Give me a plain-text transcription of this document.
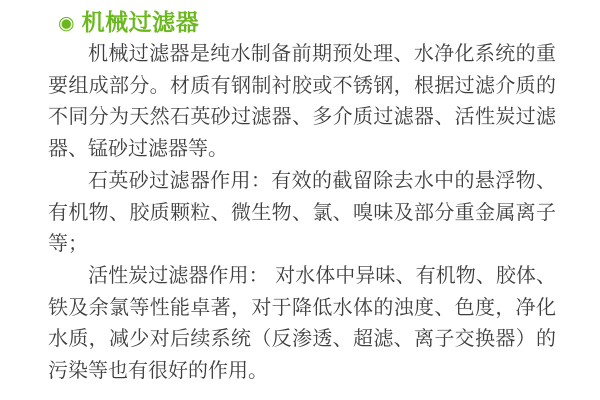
◉ 机械过滤器

机械过滤器是纯水制备前期预处理、水净化系统的重要组成部分。材质有钢制衬胶或不锈钢，根据过滤介质的不同分为天然石英砂过滤器、多介质过滤器、活性炭过滤器、锰砂过滤器等。

石英砂过滤器作用：有效的截留除去水中的悬浮物、有机物、胶质颗粒、微生物、氯、嗅味及部分重金属离子等；

活性炭过滤器作用： 对水体中异味、有机物、胶体、铁及余氯等性能卓著，对于降低水体的浊度、色度，净化水质，减少对后续系统（反渗透、超滤、离子交换器）的污染等也有很好的作用。
